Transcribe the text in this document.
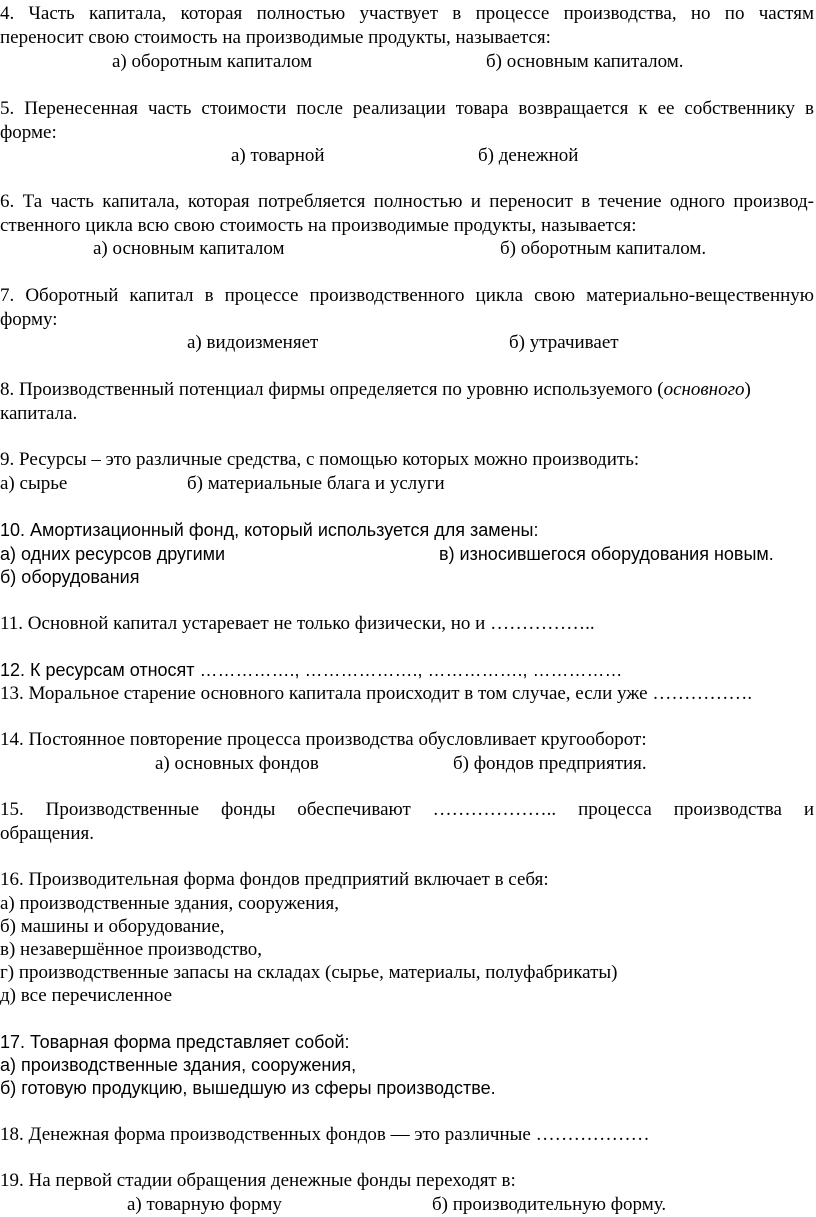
4. Часть капитала, которая полностью участвует в процессе производства, но по частям
переносит свою стоимость на производимые продукты, называется:
а) оборотным капиталом	б) основным капиталом.
5. Перенесенная часть стоимости после реализации товара возвращается к ее собственнику в
форме:
а) товарной	б) денежной
6. Та часть капитала, которая потребляется полностью и переносит в течение одного производ-
ственного цикла всю свою стоимость на производимые продукты, называется:
а) основным капиталом	б) оборотным капиталом.
7. Оборотный капитал в процессе производственного цикла свою материально-вещественную
форму:
а) видоизменяет	б) утрачивает
8. Производственный потенциал фирмы определяется по уровню используемого (основного)
капитала.
9. Ресурсы – это различные средства, с помощью которых можно производить:
а) сырье	б) материальные блага и услуги
10. Амортизационный фонд, который используется для замены:
а) одних ресурсов другими	в) износившегося оборудования новым.
б) оборудования
11. Основной капитал устаревает не только физически, но и ……………..
12. К ресурсам относят ……………., ………………., ……………., ……………
13. Моральное старение основного капитала происходит в том случае, если уже …………….
14. Постоянное повторение процесса производства обусловливает кругооборот:
а) основных фондов	б) фондов предприятия.
15. Производственные фонды обеспечивают ……………….. процесса производства и
обращения.
16. Производительная форма фондов предприятий включает в себя:
а) производственные здания, сооружения,
б) машины и оборудование,
в) незавершённое производство,
г) производственные запасы на складах (сырье, материалы, полуфабрикаты)
д) все перечисленное
17. Товарная форма представляет собой:
а) производственные здания, сооружения,
б) готовую продукцию, вышедшую из сферы производстве.
18. Денежная форма производственных фондов — это различные ………………
19. На первой стадии обращения денежные фонды переходят в:
а) товарную форму	б) производительную форму.
